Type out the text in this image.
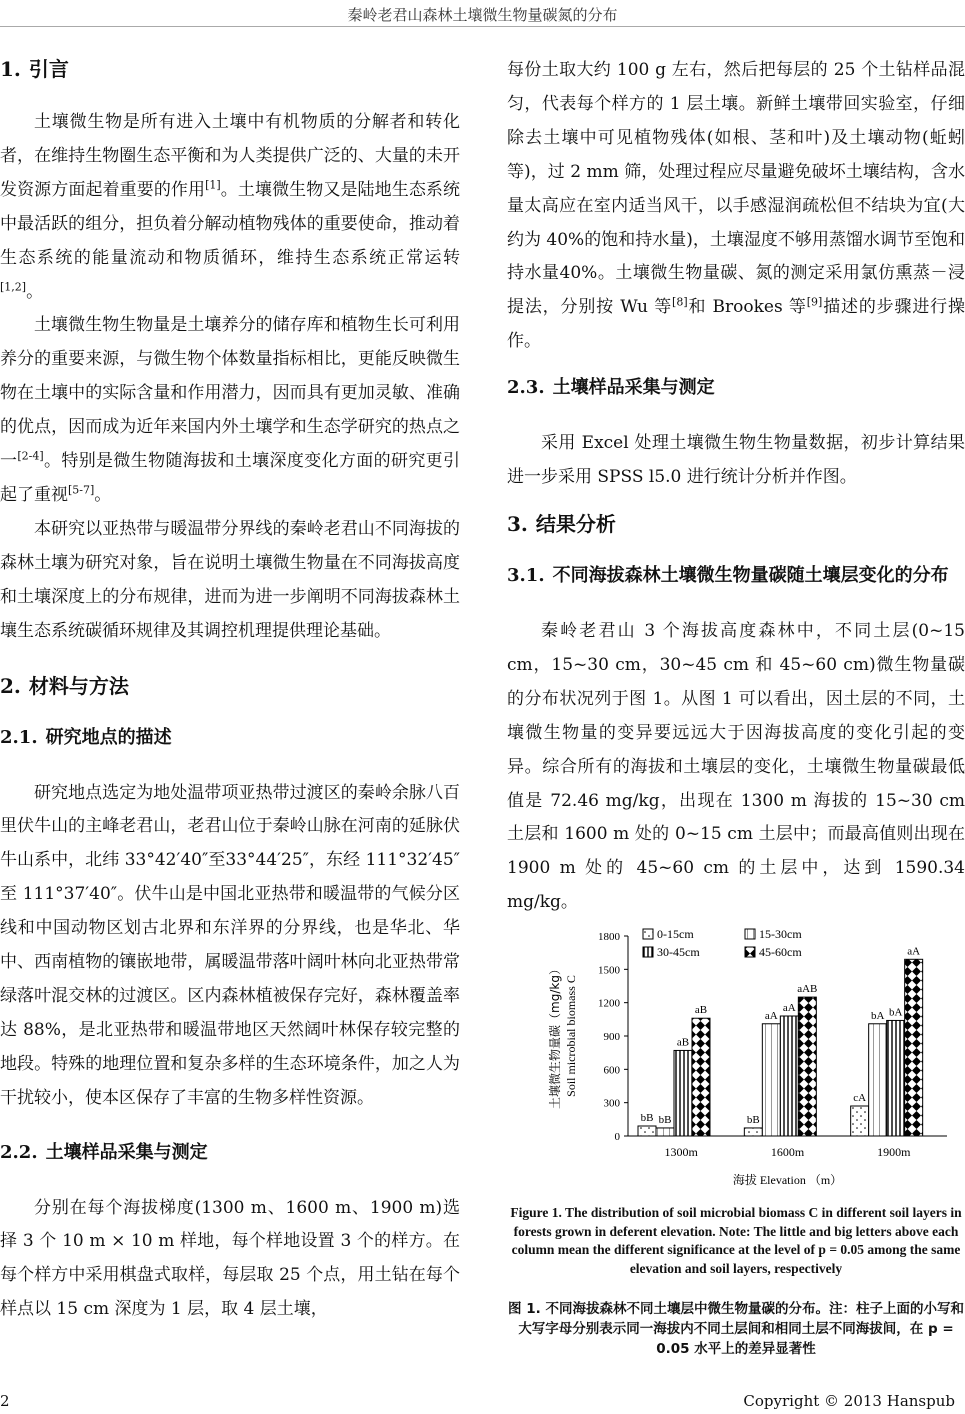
秦岭老君山森林土壤微生物量碳氮的分布
1. 引言

土壤微生物是所有进入土壤中有机物质的分解者和转化者，在维持生物圈生态平衡和为人类提供广泛的、大量的未开发资源方面起着重要的作用[1]。土壤微生物又是陆地生态系统中最活跃的组分，担负着分解动植物残体的重要使命，推动着生态系统的能量流动和物质循环，维持生态系统正常运转[1,2]。

土壤微生物生物量是土壤养分的储存库和植物生长可利用养分的重要来源，与微生物个体数量指标相比，更能反映微生物在土壤中的实际含量和作用潜力，因而具有更加灵敏、准确的优点，因而成为近年来国内外土壤学和生态学研究的热点之一[2-4]。特别是微生物随海拔和土壤深度变化方面的研究更引起了重视[5-7]。

本研究以亚热带与暖温带分界线的秦岭老君山不同海拔的森林土壤为研究对象，旨在说明土壤微生物量在不同海拔高度和土壤深度上的分布规律，进而为进一步阐明不同海拔森林土壤生态系统碳循环规律及其调控机理提供理论基础。

2. 材料与方法
2.1. 研究地点的描述

研究地点选定为地处温带项亚热带过渡区的秦岭余脉八百里伏牛山的主峰老君山，老君山位于秦岭山脉在河南的延脉伏牛山系中，北纬 33°42′40″至33°44′25″，东经 111°32′45″至 111°37′40″。伏牛山是中国北亚热带和暖温带的气候分区线和中国动物区划古北界和东洋界的分界线，也是华北、华中、西南植物的镶嵌地带，属暖温带落叶阔叶林向北亚热带常绿落叶混交林的过渡区。区内森林植被保存完好，森林覆盖率达 88%，是北亚热带和暖温带地区天然阔叶林保存较完整的地段。特殊的地理位置和复杂多样的生态环境条件，加之人为干扰较小，使本区保存了丰富的生物多样性资源。

2.2. 土壤样品采集与测定

分别在每个海拔梯度(1300 m、1600 m、1900 m)选择 3 个 10 m × 10 m 样地，每个样地设置 3 个的样方。在每个样方中采用棋盘式取样，每层取 25 个点，用土钻在每个样点以 15 cm 深度为 1 层，取 4 层土壤，

每份土取大约 100 g 左右，然后把每层的 25 个土钻样品混匀，代表每个样方的 1 层土壤。新鲜土壤带回实验室，仔细除去土壤中可见植物残体(如根、茎和叶)及土壤动物(蚯蚓等)，过 2 mm 筛，处理过程应尽量避免破坏土壤结构，含水量太高应在室内适当风干，以手感湿润疏松但不结块为宜(大约为 40%的饱和持水量)，土壤湿度不够用蒸馏水调节至饱和持水量40%。土壤微生物量碳、氮的测定采用氯仿熏蒸－浸提法，分别按 Wu 等[8]和 Brookes 等[9]描述的步骤进行操作。

2.3. 土壤样品采集与测定

采用 Excel 处理土壤微生物生物量数据，初步计算结果进一步采用 SPSS l5.0 进行统计分析并作图。

3. 结果分析
3.1. 不同海拔森林土壤微生物量碳随土壤层变化的分布

秦岭老君山 3 个海拔高度森林中，不同土层(0~15 cm，15~30 cm，30~45 cm 和 45~60 cm)微生物量碳的分布状况列于图 1。从图 1 可以看出，因土层的不同，土壤微生物量的变异要远远大于因海拔高度的变化引起的变异。综合所有的海拔和土壤层的变化，土壤微生物量碳最低值是 72.46 mg/kg，出现在 1300 m 海拔的 15~30 cm 土层和 1600 m 处的 0~15 cm 土层中；而最高值则出现在 1900 m 处的 45~60 cm 的土层中，达到 1590.34 mg/kg。

0
300
600
900
1200
1500
1800
土壤微生物量碳（mg/kg） Soil microbial biomass C
bB bB
aB
aB
1300m
bB
aA
aA
aAB
1600m
cA
bA bA
aA
1900m
海拔 Elevation （m）
0-15cm	15-30cm
30-45cm	45-60cm
Figure 1. The distribution of soil microbial biomass C in different soil layers in forests grown in deferent elevation. Note: The little and big letters above each column mean the different significance at the level of p = 0.05 among the same elevation and soil layers, respectively
图 1. 不同海拔森林不同土壤层中微生物量碳的分布。注：柱子上面的小写和大写字母分别表示同一海拔内不同土层间和相同土层不同海拔间，在 p = 0.05 水平上的差异显著性
2	Copyright © 2013 Hanspub
